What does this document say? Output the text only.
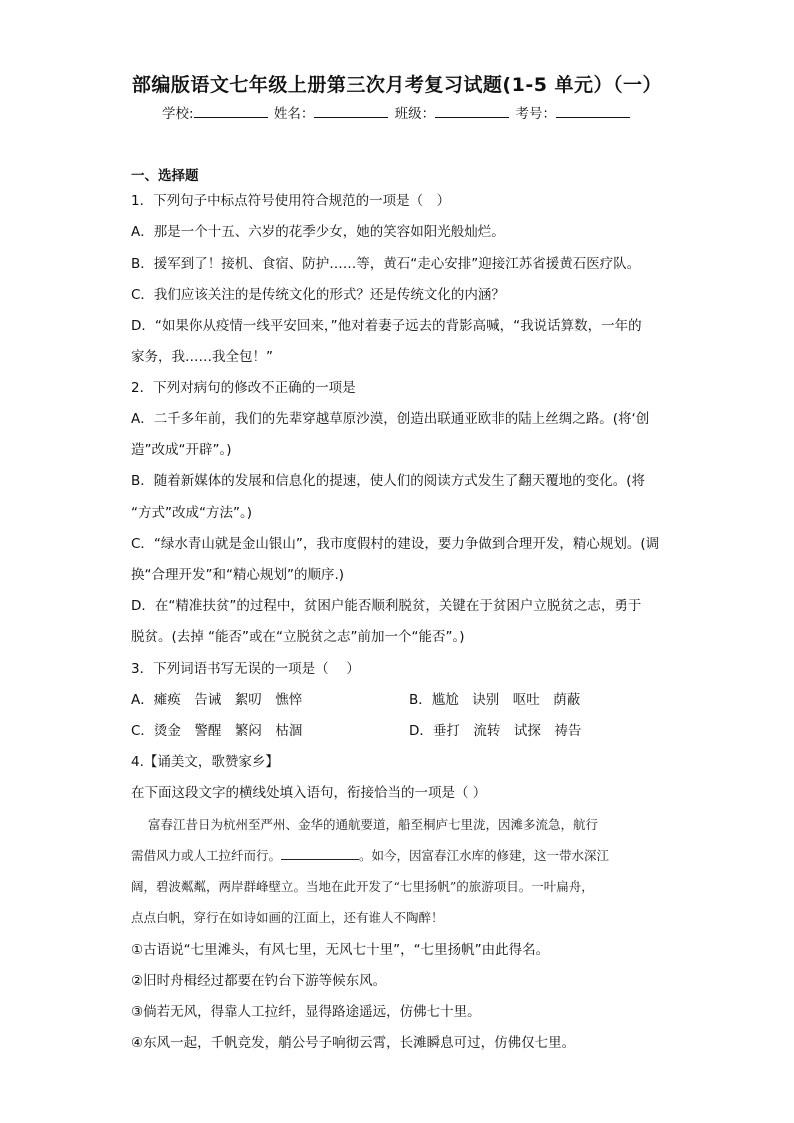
部编版语文七年级上册第三次月考复习试题(1-5 单元）（一）
学校:	姓名：	班级：	考号：
一、选择题
1．下列句子中标点符号使用符合规范的一项是（　）
A．那是一个十五、六岁的花季少女，她的笑容如阳光般灿烂。
B．援军到了！接机、食宿、防护……等，黄石“走心安排”迎接江苏省援黄石医疗队。
C．我们应该关注的是传统文化的形式？还是传统文化的内涵？
D．“如果你从疫情一线平安回来，”他对着妻子远去的背影高喊，“我说话算数，一年的
家务，我……我全包！”
2．下列对病句的修改不正确的一项是
A．二千多年前，我们的先辈穿越草原沙漠，创造出联通亚欧非的陆上丝绸之路。(将‘创
造”改成“开辟”。)
B．随着新媒体的发展和信息化的提速，使人们的阅读方式发生了翻天覆地的变化。(将
“方式”改成“方法”。)
C．“绿水青山就是金山银山”，我市度假村的建设，要力争做到合理开发，精心规划。(调
换“合理开发”和“精心规划”的顺序.)
D．在“精准扶贫”的过程中，贫困户能否顺利脱贫，关键在于贫困户立脱贫之志，勇于
脱贫。(去掉 “能否”或在“立脱贫之志”前加一个“能否”。)
3．下列词语书写无误的一项是（　 ）
A．瘫痪　告诫　絮叨　憔悴	B．尴尬　诀别　呕吐　荫蔽
C．烫金　警醒　繁闷　枯涸	D．垂打　流转　试探　祷告
4.【诵美文，歌赞家乡】
在下面这段文字的横线处填入语句，衔接恰当的一项是（ ）
富春江昔日为杭州至严州、金华的通航要道，船至桐庐七里泷，因滩多流急，航行
需借风力或人工拉纤而行。	。如今，因富春江水库的修建，这一带水深江
阔，碧波粼粼，两岸群峰壁立。当地在此开发了“七里扬帆”的旅游项目。一叶扁舟，
点点白帆，穿行在如诗如画的江面上，还有谁人不陶醉！
①古语说“七里滩头，有风七里，无风七十里”，“七里扬帆”由此得名。
②旧时舟楫经过都要在钓台下游等候东风。
③倘若无风，得靠人工拉纤，显得路途遥远，仿佛七十里。
④东风一起，千帆竞发，艄公号子响彻云霄，长滩瞬息可过，仿佛仅七里。
